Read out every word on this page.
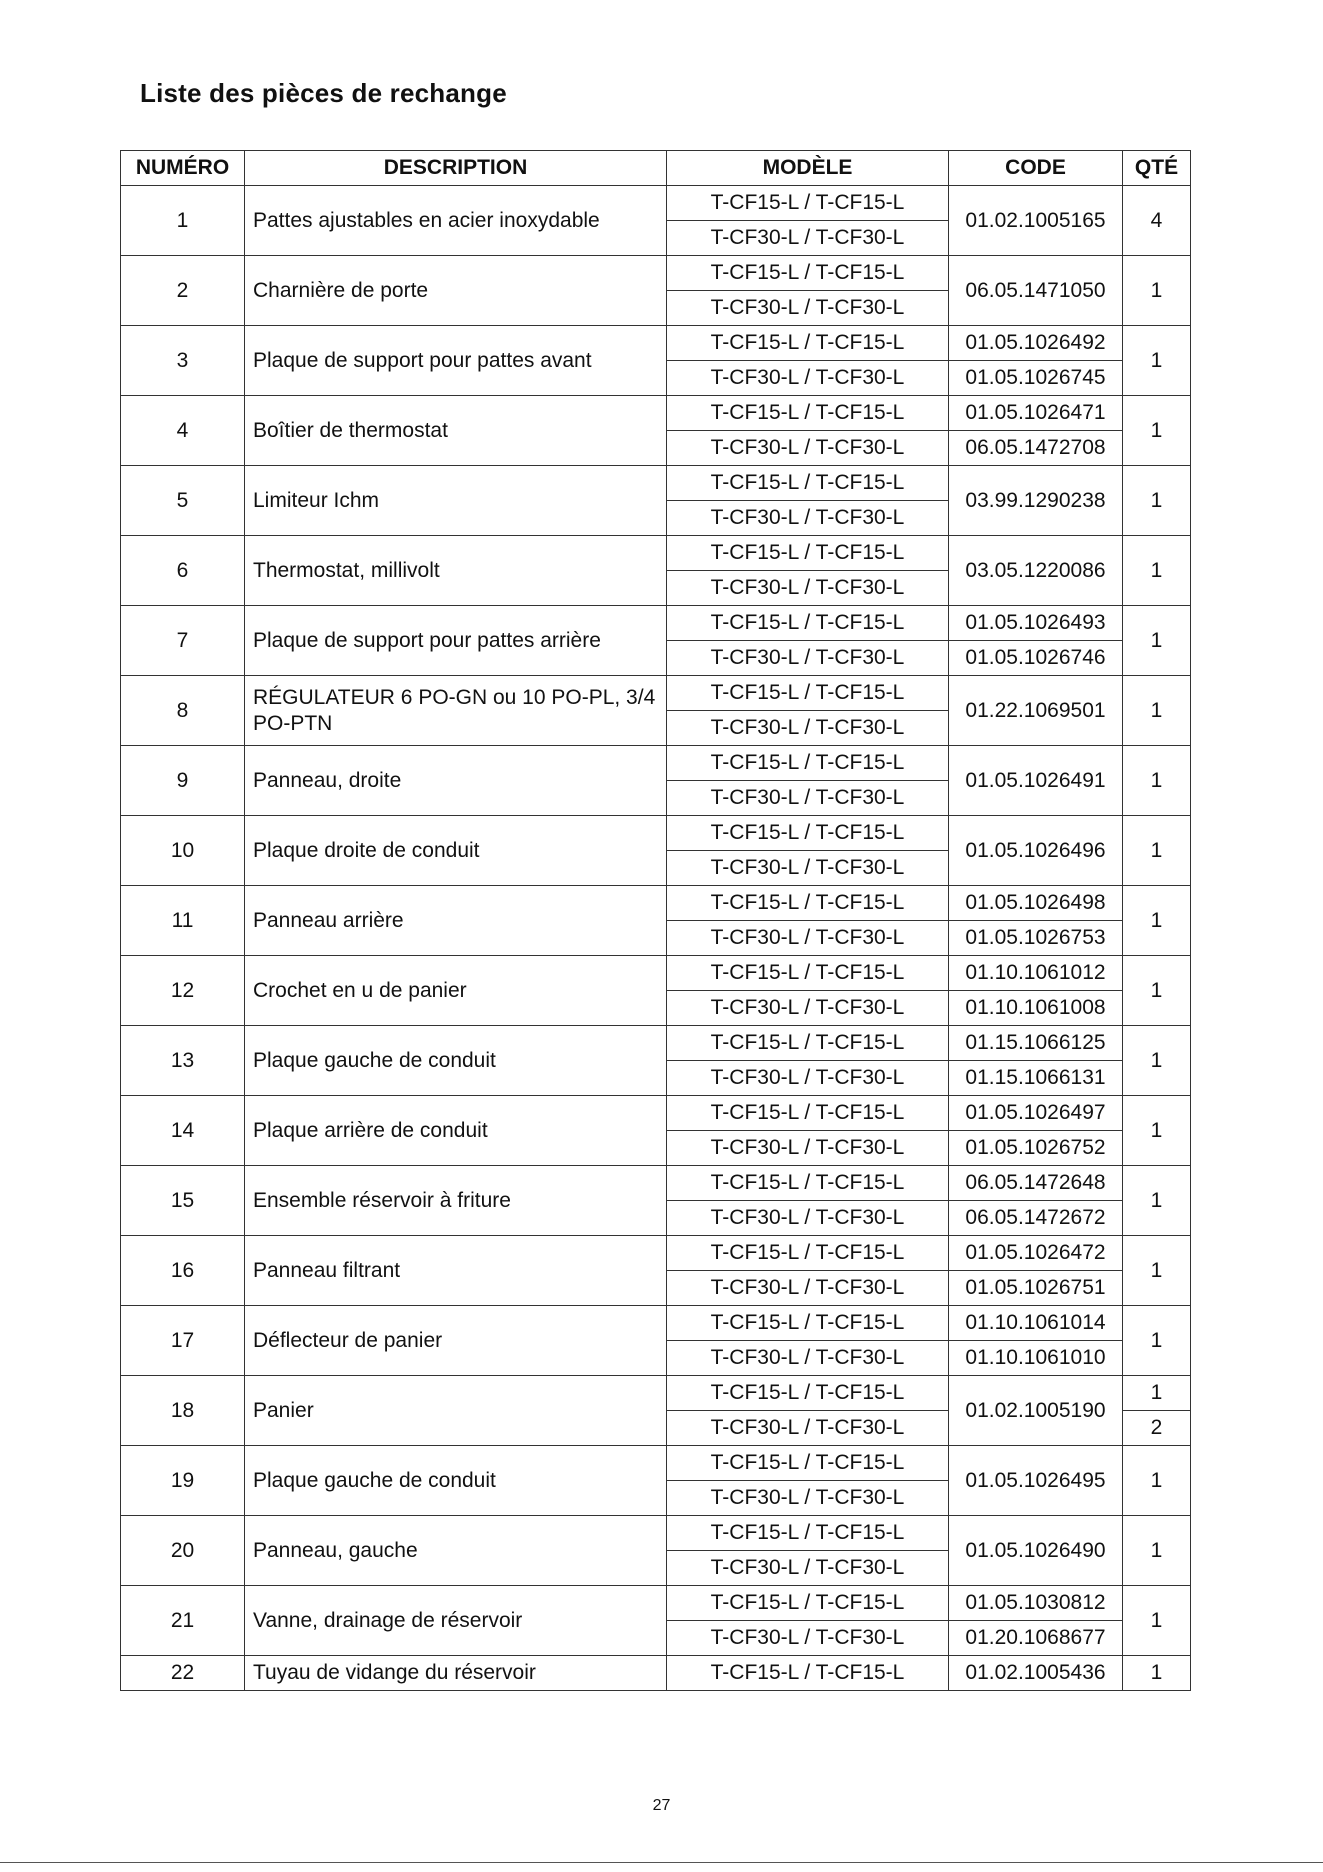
Liste des pièces de rechange
NUMÉRO	DESCRIPTION	MODÈLE	CODE	QTÉ
1	Pattes ajustables en acier inoxydable	T-CF15-L / T-CF15-L	01.02.1005165	4
		T-CF30-L / T-CF30-L		
2	Charnière de porte	T-CF15-L / T-CF15-L	06.05.1471050	1
		T-CF30-L / T-CF30-L		
3	Plaque de support pour pattes avant	T-CF15-L / T-CF15-L	01.05.1026492	1
		T-CF30-L / T-CF30-L	01.05.1026745	
4	Boîtier de thermostat	T-CF15-L / T-CF15-L	01.05.1026471	1
		T-CF30-L / T-CF30-L	06.05.1472708	
5	Limiteur Ichm	T-CF15-L / T-CF15-L	03.99.1290238	1
		T-CF30-L / T-CF30-L		
6	Thermostat, millivolt	T-CF15-L / T-CF15-L	03.05.1220086	1
		T-CF30-L / T-CF30-L		
7	Plaque de support pour pattes arrière	T-CF15-L / T-CF15-L	01.05.1026493	1
		T-CF30-L / T-CF30-L	01.05.1026746	
8	RÉGULATEUR 6 PO-GN ou 10 PO-PL, 3/4 PO-PTN	T-CF15-L / T-CF15-L	01.22.1069501	1
		T-CF30-L / T-CF30-L		
9	Panneau, droite	T-CF15-L / T-CF15-L	01.05.1026491	1
		T-CF30-L / T-CF30-L		
10	Plaque droite de conduit	T-CF15-L / T-CF15-L	01.05.1026496	1
		T-CF30-L / T-CF30-L		
11	Panneau arrière	T-CF15-L / T-CF15-L	01.05.1026498	1
		T-CF30-L / T-CF30-L	01.05.1026753	
12	Crochet en u de panier	T-CF15-L / T-CF15-L	01.10.1061012	1
		T-CF30-L / T-CF30-L	01.10.1061008	
13	Plaque gauche de conduit	T-CF15-L / T-CF15-L	01.15.1066125	1
		T-CF30-L / T-CF30-L	01.15.1066131	
14	Plaque arrière de conduit	T-CF15-L / T-CF15-L	01.05.1026497	1
		T-CF30-L / T-CF30-L	01.05.1026752	
15	Ensemble réservoir à friture	T-CF15-L / T-CF15-L	06.05.1472648	1
		T-CF30-L / T-CF30-L	06.05.1472672	
16	Panneau filtrant	T-CF15-L / T-CF15-L	01.05.1026472	1
		T-CF30-L / T-CF30-L	01.05.1026751	
17	Déflecteur de panier	T-CF15-L / T-CF15-L	01.10.1061014	1
		T-CF30-L / T-CF30-L	01.10.1061010	
18	Panier	T-CF15-L / T-CF15-L	01.02.1005190	1
		T-CF30-L / T-CF30-L		2
19	Plaque gauche de conduit	T-CF15-L / T-CF15-L	01.05.1026495	1
		T-CF30-L / T-CF30-L		
20	Panneau, gauche	T-CF15-L / T-CF15-L	01.05.1026490	1
		T-CF30-L / T-CF30-L		
21	Vanne, drainage de réservoir	T-CF15-L / T-CF15-L	01.05.1030812	1
		T-CF30-L / T-CF30-L	01.20.1068677	
22	Tuyau de vidange du réservoir	T-CF15-L / T-CF15-L	01.02.1005436	1
27
